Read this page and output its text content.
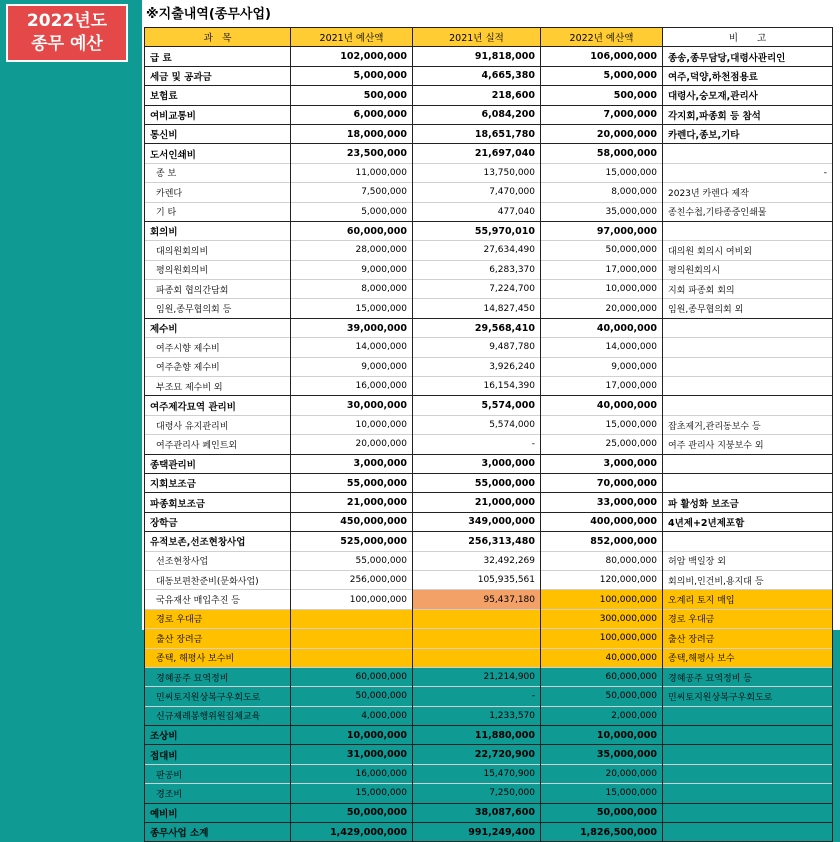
2022년도
종무 예산
※지출내역(종무사업)
과　목	2021년 예산액	2021년 실적	2022년 예산액	비　　고
급 료	102,000,000	91,818,000	106,000,000	종송,종무담당,대령사관리인
세금 및 공과금	5,000,000	4,665,380	5,000,000	여주,덕양,하천점용료
보험료	500,000	218,600	500,000	대령사,숭모재,관리사
여비교통비	6,000,000	6,084,200	7,000,000	각지회,파종회 등 참석
통신비	18,000,000	18,651,780	20,000,000	카렌다,종보,기타
도서인쇄비	23,500,000	21,697,040	58,000,000	
종 보	11,000,000	13,750,000	15,000,000	-
카렌다	7,500,000	7,470,000	8,000,000	2023년 카렌다 제작
기 타	5,000,000	477,040	35,000,000	종친수첩,기타종중인쇄물
회의비	60,000,000	55,970,010	97,000,000	
대의원회의비	28,000,000	27,634,490	50,000,000	대의원 회의시 여비외
평의원회의비	9,000,000	6,283,370	17,000,000	평의원회의시
파종회 협의간담회	8,000,000	7,224,700	10,000,000	지회 파종회 회의
임원,종무협의회 등	15,000,000	14,827,450	20,000,000	임원,종무협의회 외
제수비	39,000,000	29,568,410	40,000,000	
여주시향 제수비	14,000,000	9,487,780	14,000,000	
여주춘향 제수비	9,000,000	3,926,240	9,000,000	
부조묘 제수비 외	16,000,000	16,154,390	17,000,000	
여주제각묘역 관리비	30,000,000	5,574,000	40,000,000	
대령사 유지관리비	10,000,000	5,574,000	15,000,000	잡초제거,관리동보수 등
여주관리사 페인트외	20,000,000	-	25,000,000	여주 관리사 지붕보수 외
종택관리비	3,000,000	3,000,000	3,000,000	
지회보조금	55,000,000	55,000,000	70,000,000	
파종회보조금	21,000,000	21,000,000	33,000,000	파 활성화 보조금
장학금	450,000,000	349,000,000	400,000,000	4년제+2년제포함
유적보존,선조현창사업	525,000,000	256,313,480	852,000,000	
선조현창사업	55,000,000	32,492,269	80,000,000	허암 백일장 외
대동보편찬준비(문화사업)	256,000,000	105,935,561	120,000,000	회의비,인건비,용지대 등
국유재산 매입추진 등	100,000,000	95,437,180	100,000,000	오계리 토지 매입
경로 우대금			300,000,000	경로 우대금
출산 장려금			100,000,000	출산 장려금
종택, 해평사 보수비			40,000,000	종택,해평사 보수
경혜공주 묘역정비	60,000,000	21,214,900	60,000,000	경혜공주 묘역정비 등
민씨토지원상복구우회도로	50,000,000	-	50,000,000	민씨토지원상복구우회도로
신규제례봉행위원집체교육	4,000,000	1,233,570	2,000,000	
조상비	10,000,000	11,880,000	10,000,000	
접대비	31,000,000	22,720,900	35,000,000	
판공비	16,000,000	15,470,900	20,000,000	
경조비	15,000,000	7,250,000	15,000,000	
예비비	50,000,000	38,087,600	50,000,000	
종무사업 소계	1,429,000,000	991,249,400	1,826,500,000	
